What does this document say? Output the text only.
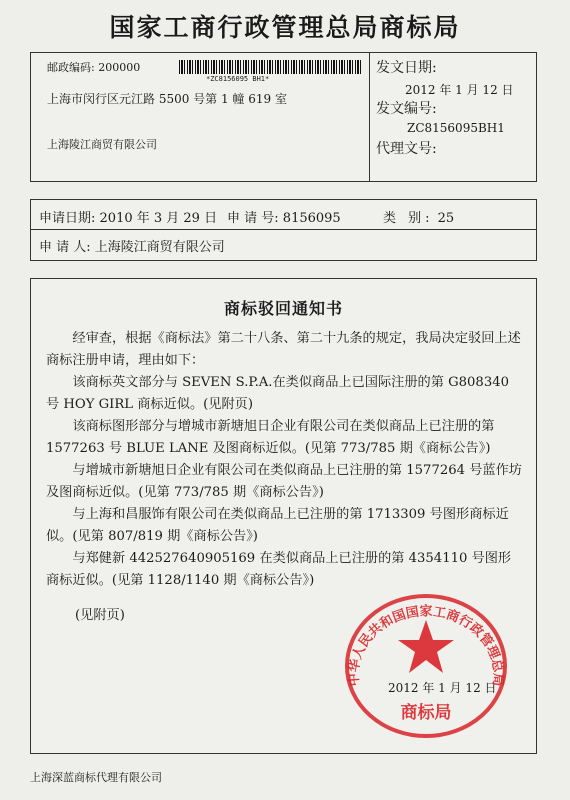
国家工商行政管理总局商标局
邮政编码: 200000
*ZC8156095 BH1*
上海市闵行区元江路 5500 号第 1 幢 619 室
上海陵江商贸有限公司
发文日期:
2012 年 1 月 12 日
发文编号:
ZC8156095BH1
代理文号:
申请日期: 2010 年 3 月 29 日 申 请 号: 8156095	类 别: 25
申 请 人: 上海陵江商贸有限公司
商标驳回通知书
经审查，根据《商标法》第二十八条、第二十九条的规定，我局决定驳回上述商标注册申请，理由如下：
该商标英文部分与 SEVEN S.P.A.在类似商品上已国际注册的第 G808340 号 HOY GIRL 商标近似。(见附页)
该商标图形部分与增城市新塘旭日企业有限公司在类似商品上已注册的第 1577263 号 BLUE LANE 及图商标近似。(见第 773/785 期《商标公告》)
与增城市新塘旭日企业有限公司在类似商品上已注册的第 1577264 号蓝作坊及图商标近似。(见第 773/785 期《商标公告》)
与上海和昌服饰有限公司在类似商品上已注册的第 1713309 号图形商标近似。(见第 807/819 期《商标公告》)
与郑健新 442527640905169 在类似商品上已注册的第 4354110 号图形商标近似。(见第 1128/1140 期《商标公告》)
(见附页)
2012 年 1 月 12 日
中华人民共和国国家工商行政管理总局
商标局
上海深蓝商标代理有限公司
